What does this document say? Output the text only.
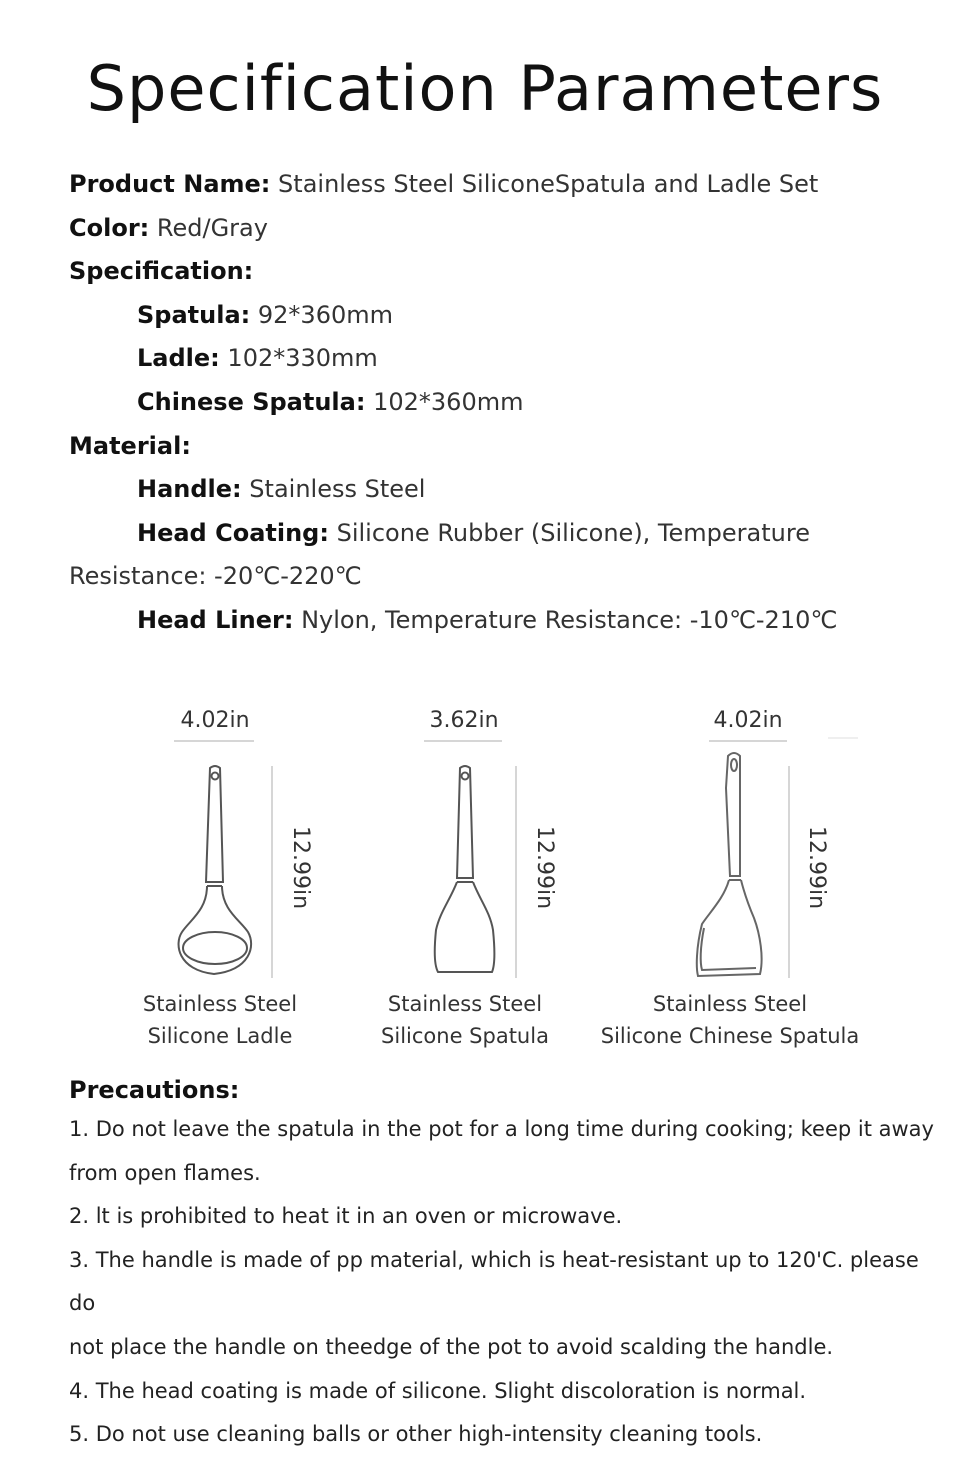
Specification Parameters
Product Name: Stainless Steel SiliconeSpatula and Ladle Set
Color: Red/Gray
Specification:
Spatula: 92*360mm
Ladle: 102*330mm
Chinese Spatula: 102*360mm
Material:
Handle: Stainless Steel
Head Coating: Silicone Rubber (Silicone), Temperature
Resistance: -20℃-220℃
Head Liner: Nylon, Temperature Resistance: -10℃-210℃
4.02in
12.99in
Stainless Steel
Silicone Ladle
3.62in
12.99in
Stainless Steel
Silicone Spatula
4.02in
12.99in
Stainless Steel
Silicone Chinese Spatula
Precautions:

1. Do not leave the spatula in the pot for a long time during cooking; keep it away

from open flames.

2. lt is prohibited to heat it in an oven or microwave.

3. The handle is made of pp material, which is heat-resistant up to 120'C. please do

not place the handle on theedge of the pot to avoid scalding the handle.

4. The head coating is made of silicone. Slight discoloration is normal.

5. Do not use cleaning balls or other high-intensity cleaning tools.
